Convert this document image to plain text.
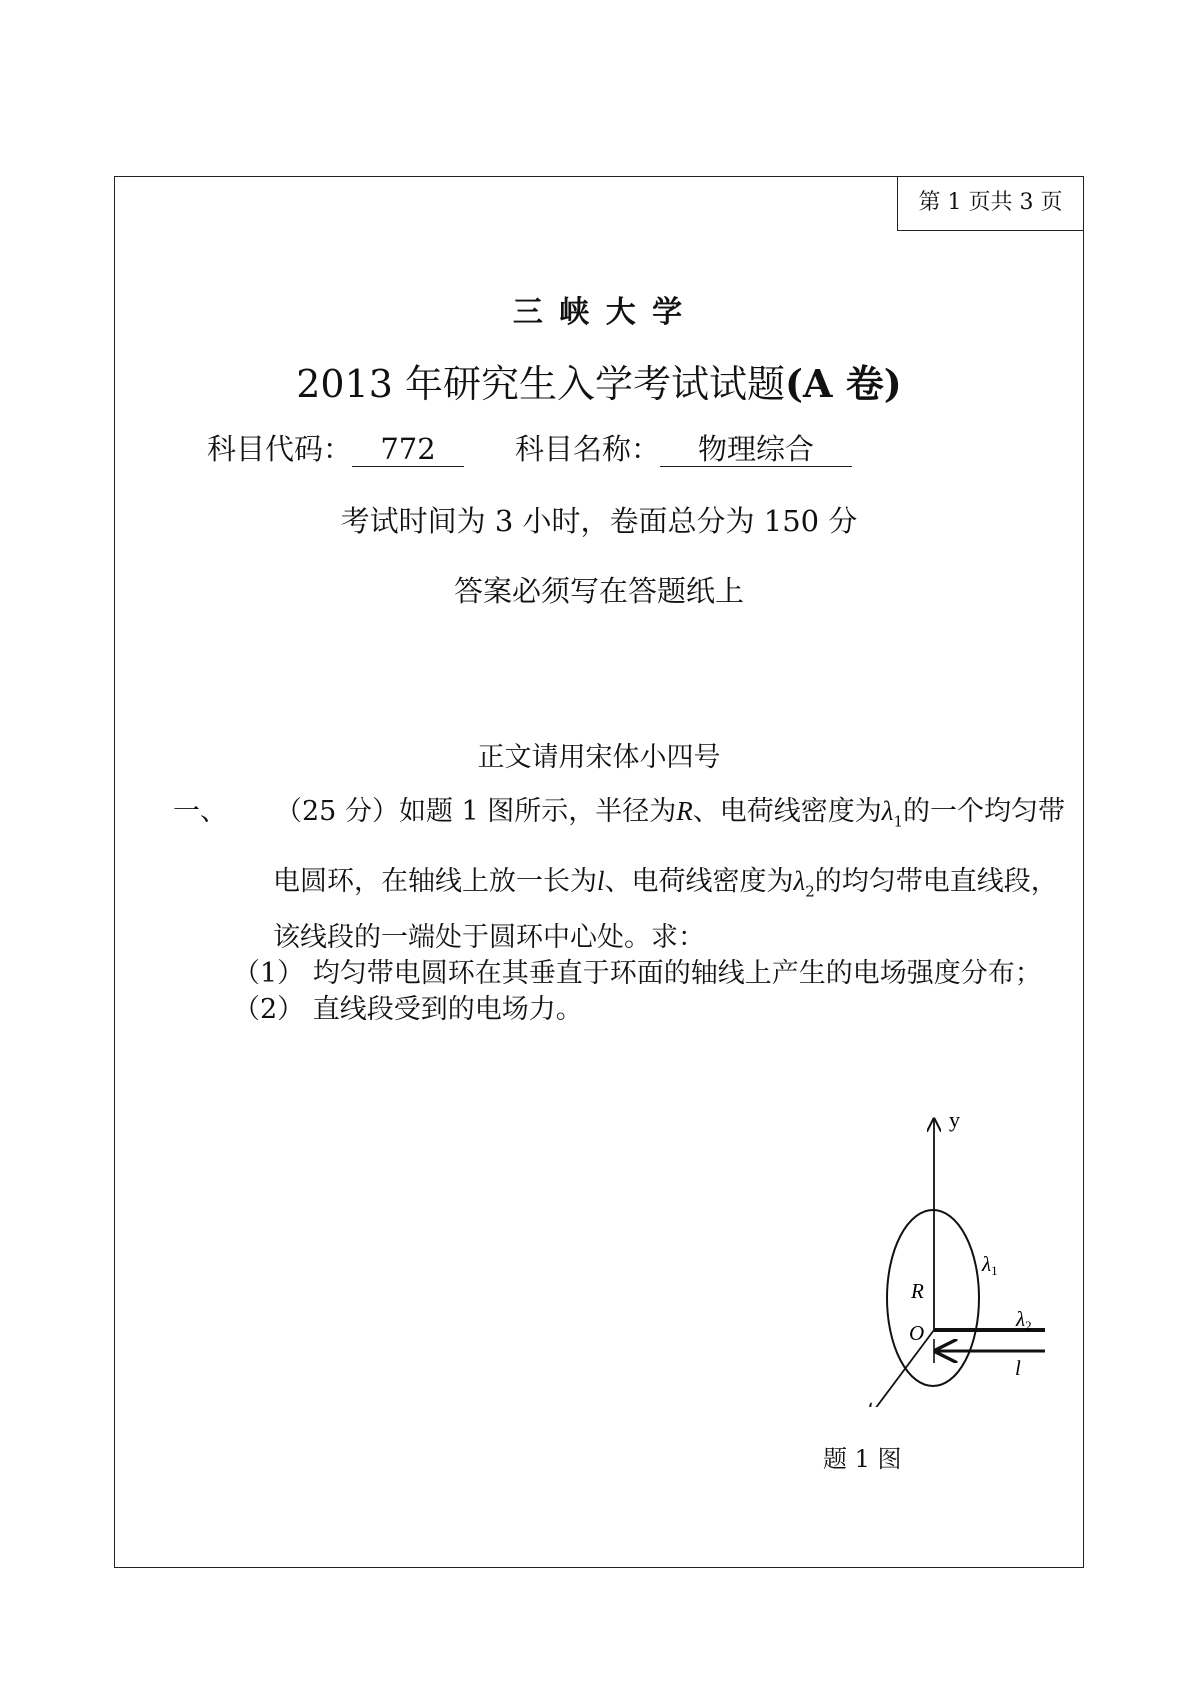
第 1 页共 3 页
三 峡 大 学
2013 年研究生入学考试试题(A 卷)
科目代码： 772	科目名称： 物理综合
考试时间为 3 小时，卷面总分为 150 分
答案必须写在答题纸上
正文请用宋体小四号
一、 （25 分）如题 1 图所示，半径为R、电荷线密度为$\lambda_1$的一个均匀带
电圆环，在轴线上放一长为l、电荷线密度为$\lambda_2$的均匀带电直线段，
该线段的一端处于圆环中心处。求：
（1） 均匀带电圆环在其垂直于环面的轴线上产生的电场强度分布；
（2） 直线段受到的电场力。
y
R
O
λ1
λ2
l
题 1 图
